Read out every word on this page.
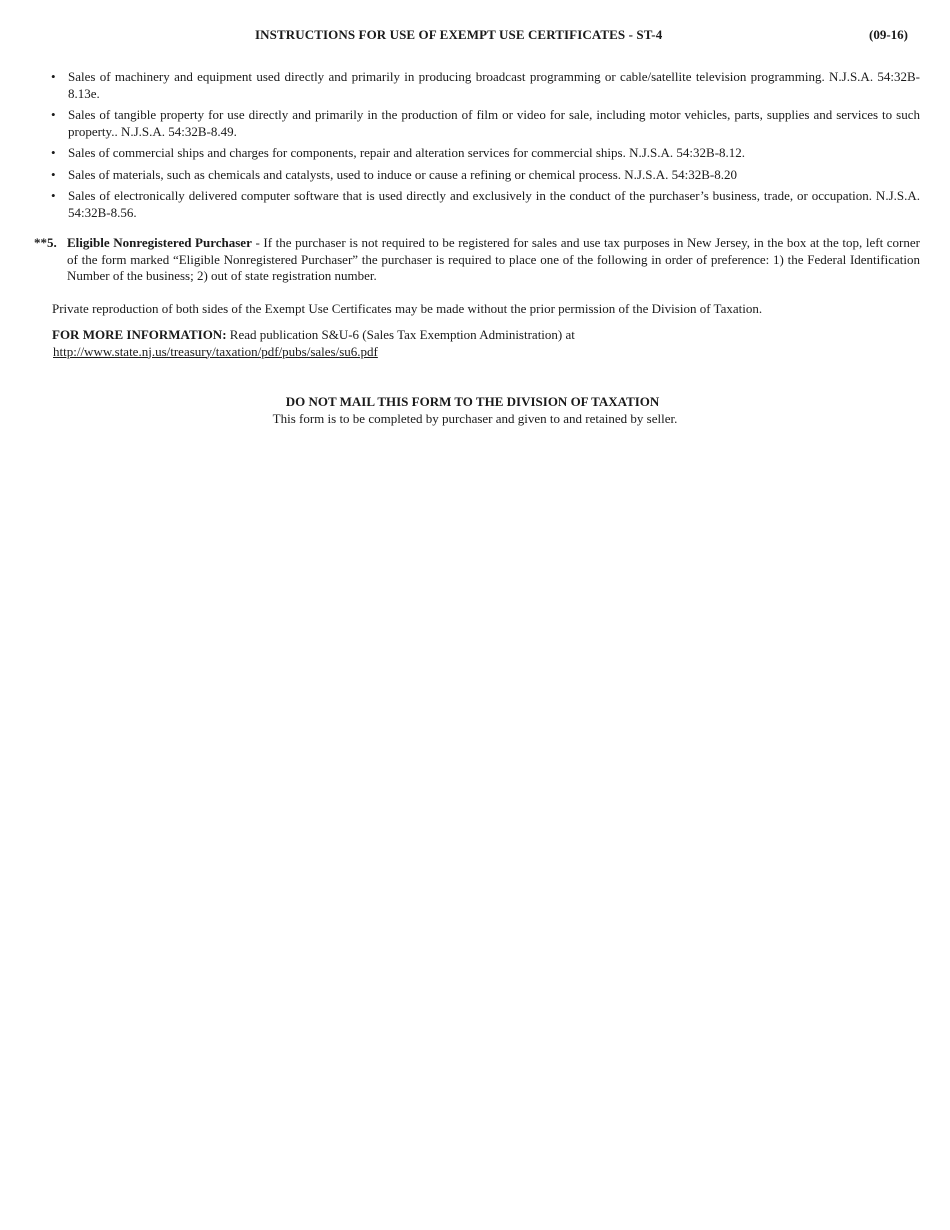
INSTRUCTIONS FOR USE OF EXEMPT USE CERTIFICATES - ST-4	(09-16)
• Sales of machinery and equipment used directly and primarily in producing broadcast programming or cable/satellite television programming. N.J.S.A. 54:32B-8.13e.
• Sales of tangible property for use directly and primarily in the production of film or video for sale, including motor vehicles, parts, supplies and services to such property.. N.J.S.A. 54:32B-8.49.
• Sales of commercial ships and charges for components, repair and alteration services for commercial ships. N.J.S.A. 54:32B-8.12.
• Sales of materials, such as chemicals and catalysts, used to induce or cause a refining or chemical process. N.J.S.A. 54:32B-8.20
• Sales of electronically delivered computer software that is used directly and exclusively in the conduct of the purchaser’s business, trade, or occupation. N.J.S.A. 54:32B-8.56.
**5. Eligible Nonregistered Purchaser - If the purchaser is not required to be registered for sales and use tax purposes in New Jersey, in the box at the top, left corner of the form marked “Eligible Nonregistered Purchaser” the purchaser is required to place one of the following in order of preference: 1) the Federal Identification Number of the business; 2) out of state registration number.
Private reproduction of both sides of the Exempt Use Certificates may be made without the prior permission of the Division of Taxation.
FOR MORE INFORMATION: Read publication S&U-6 (Sales Tax Exemption Administration) at
http://www.state.nj.us/treasury/taxation/pdf/pubs/sales/su6.pdf
DO NOT MAIL THIS FORM TO THE DIVISION OF TAXATION
This form is to be completed by purchaser and given to and retained by seller.
